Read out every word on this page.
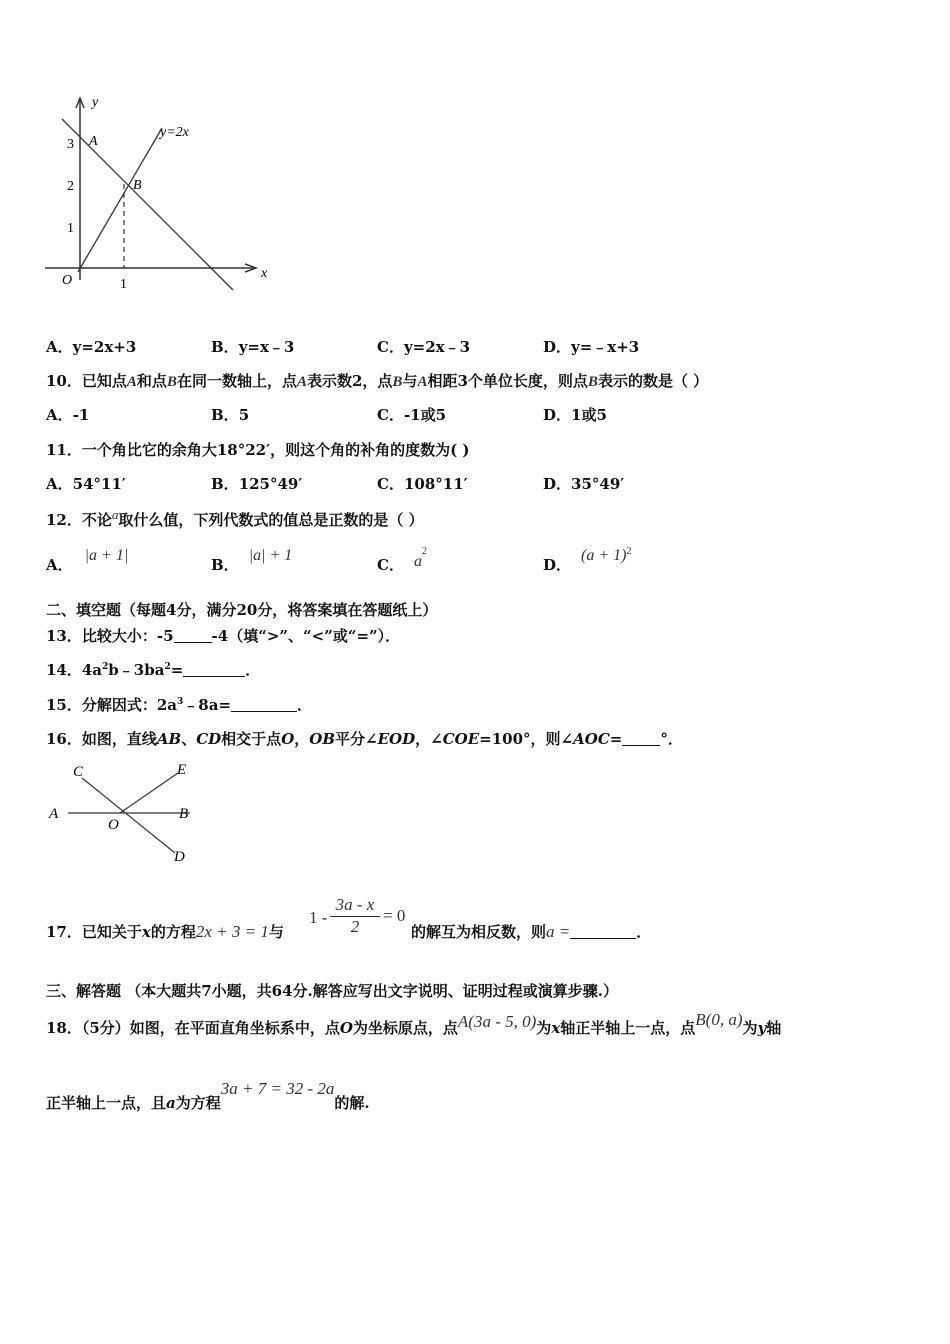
y
x
O
3
2
1
1
A
B
y=2x
A．y=2x+3	B．y=x﹣3	C．y=2x﹣3	D．y=﹣x+3
10．已知点A和点B在同一数轴上，点A表示数2，点B与A相距3个单位长度，则点B表示的数是（ ）
A．-1	B．5	C．-1或5	D．1或5
11．一个角比它的余角大18°22′，则这个角的补角的度数为( )
A．54°11′	B．125°49′	C．108°11′	D．35°49′
12．不论$^a$取什么值，下列代数式的值总是正数的是（ ）
A．|a + 1|
B．|a| + 1
C． $a^2$
D．$(a + 1)^2$
二、填空题（每题4分，满分20分，将答案填在答题纸上）
13．比较大小：-5	-4（填“>”、“<”或“=”）．
14．$4a^2b﹣3ba^2=$	．
15．分解因式：$2a^3﹣8a=$	．
16．如图，直线AB、CD相交于点O，OB平分∠EOD，∠COE=100°，则∠AOC=	°．
C	E
A
O
B
D
17．已知关于x的方程2x + 3 = 1与
$1 - \frac{3a - x}{2} = 0$
的解互为相反数，则a =	．
三、解答题 （本大题共7小题，共64分.解答应写出文字说明、证明过程或演算步骤.）
18．（5分）如图，在平面直角坐标系中，点O为坐标原点，点A(3a - 5, 0)为x轴正半轴上一点，点B(0, a)为y轴
正半轴上一点，且a为方程3a + 7 = 32 - 2a的解.
